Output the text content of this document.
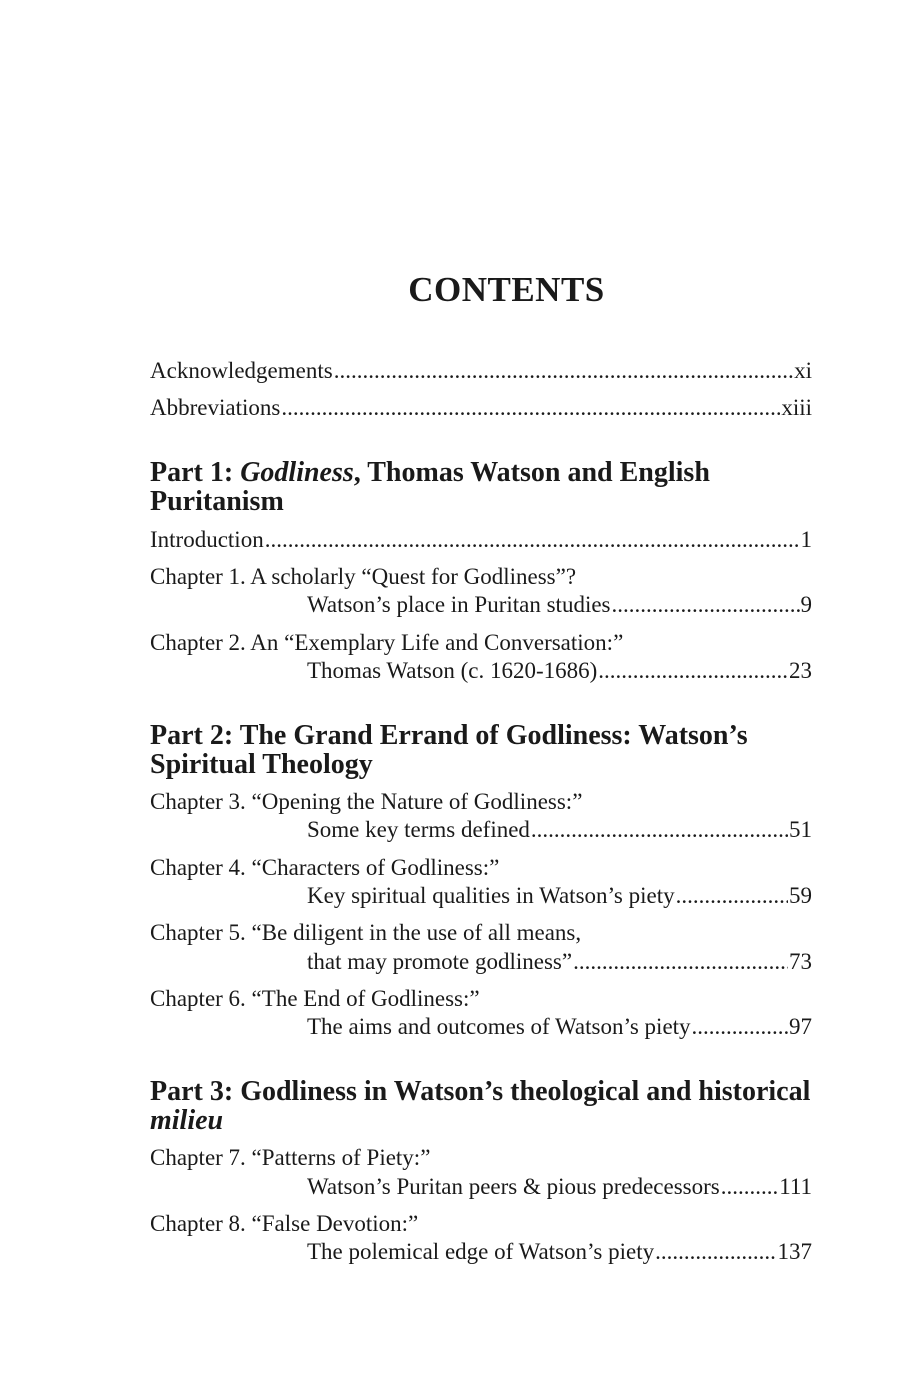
CONTENTS
Acknowledgements .....	xi
Abbreviations .....	xiii
Part 1: Godliness, Thomas Watson and English Puritanism
Introduction .....	1
Chapter 1. A scholarly “Quest for Godliness”?
Watson’s place in Puritan studies .....	9
Chapter 2. An “Exemplary Life and Conversation:”
Thomas Watson (c. 1620-1686) .....	23
Part 2: The Grand Errand of Godliness: Watson’s Spiritual Theology
Chapter 3. “Opening the Nature of Godliness:”
Some key terms defined .....	51
Chapter 4. “Characters of Godliness:”
Key spiritual qualities in Watson’s piety .....	59
Chapter 5. “Be diligent in the use of all means,
that may promote godliness” .....	73
Chapter 6. “The End of Godliness:”
The aims and outcomes of Watson’s piety .....	97
Part 3: Godliness in Watson’s theological and historical milieu
Chapter 7. “Patterns of Piety:”
Watson’s Puritan peers & pious predecessors .....	111
Chapter 8. “False Devotion:”
The polemical edge of Watson’s piety .....	137
